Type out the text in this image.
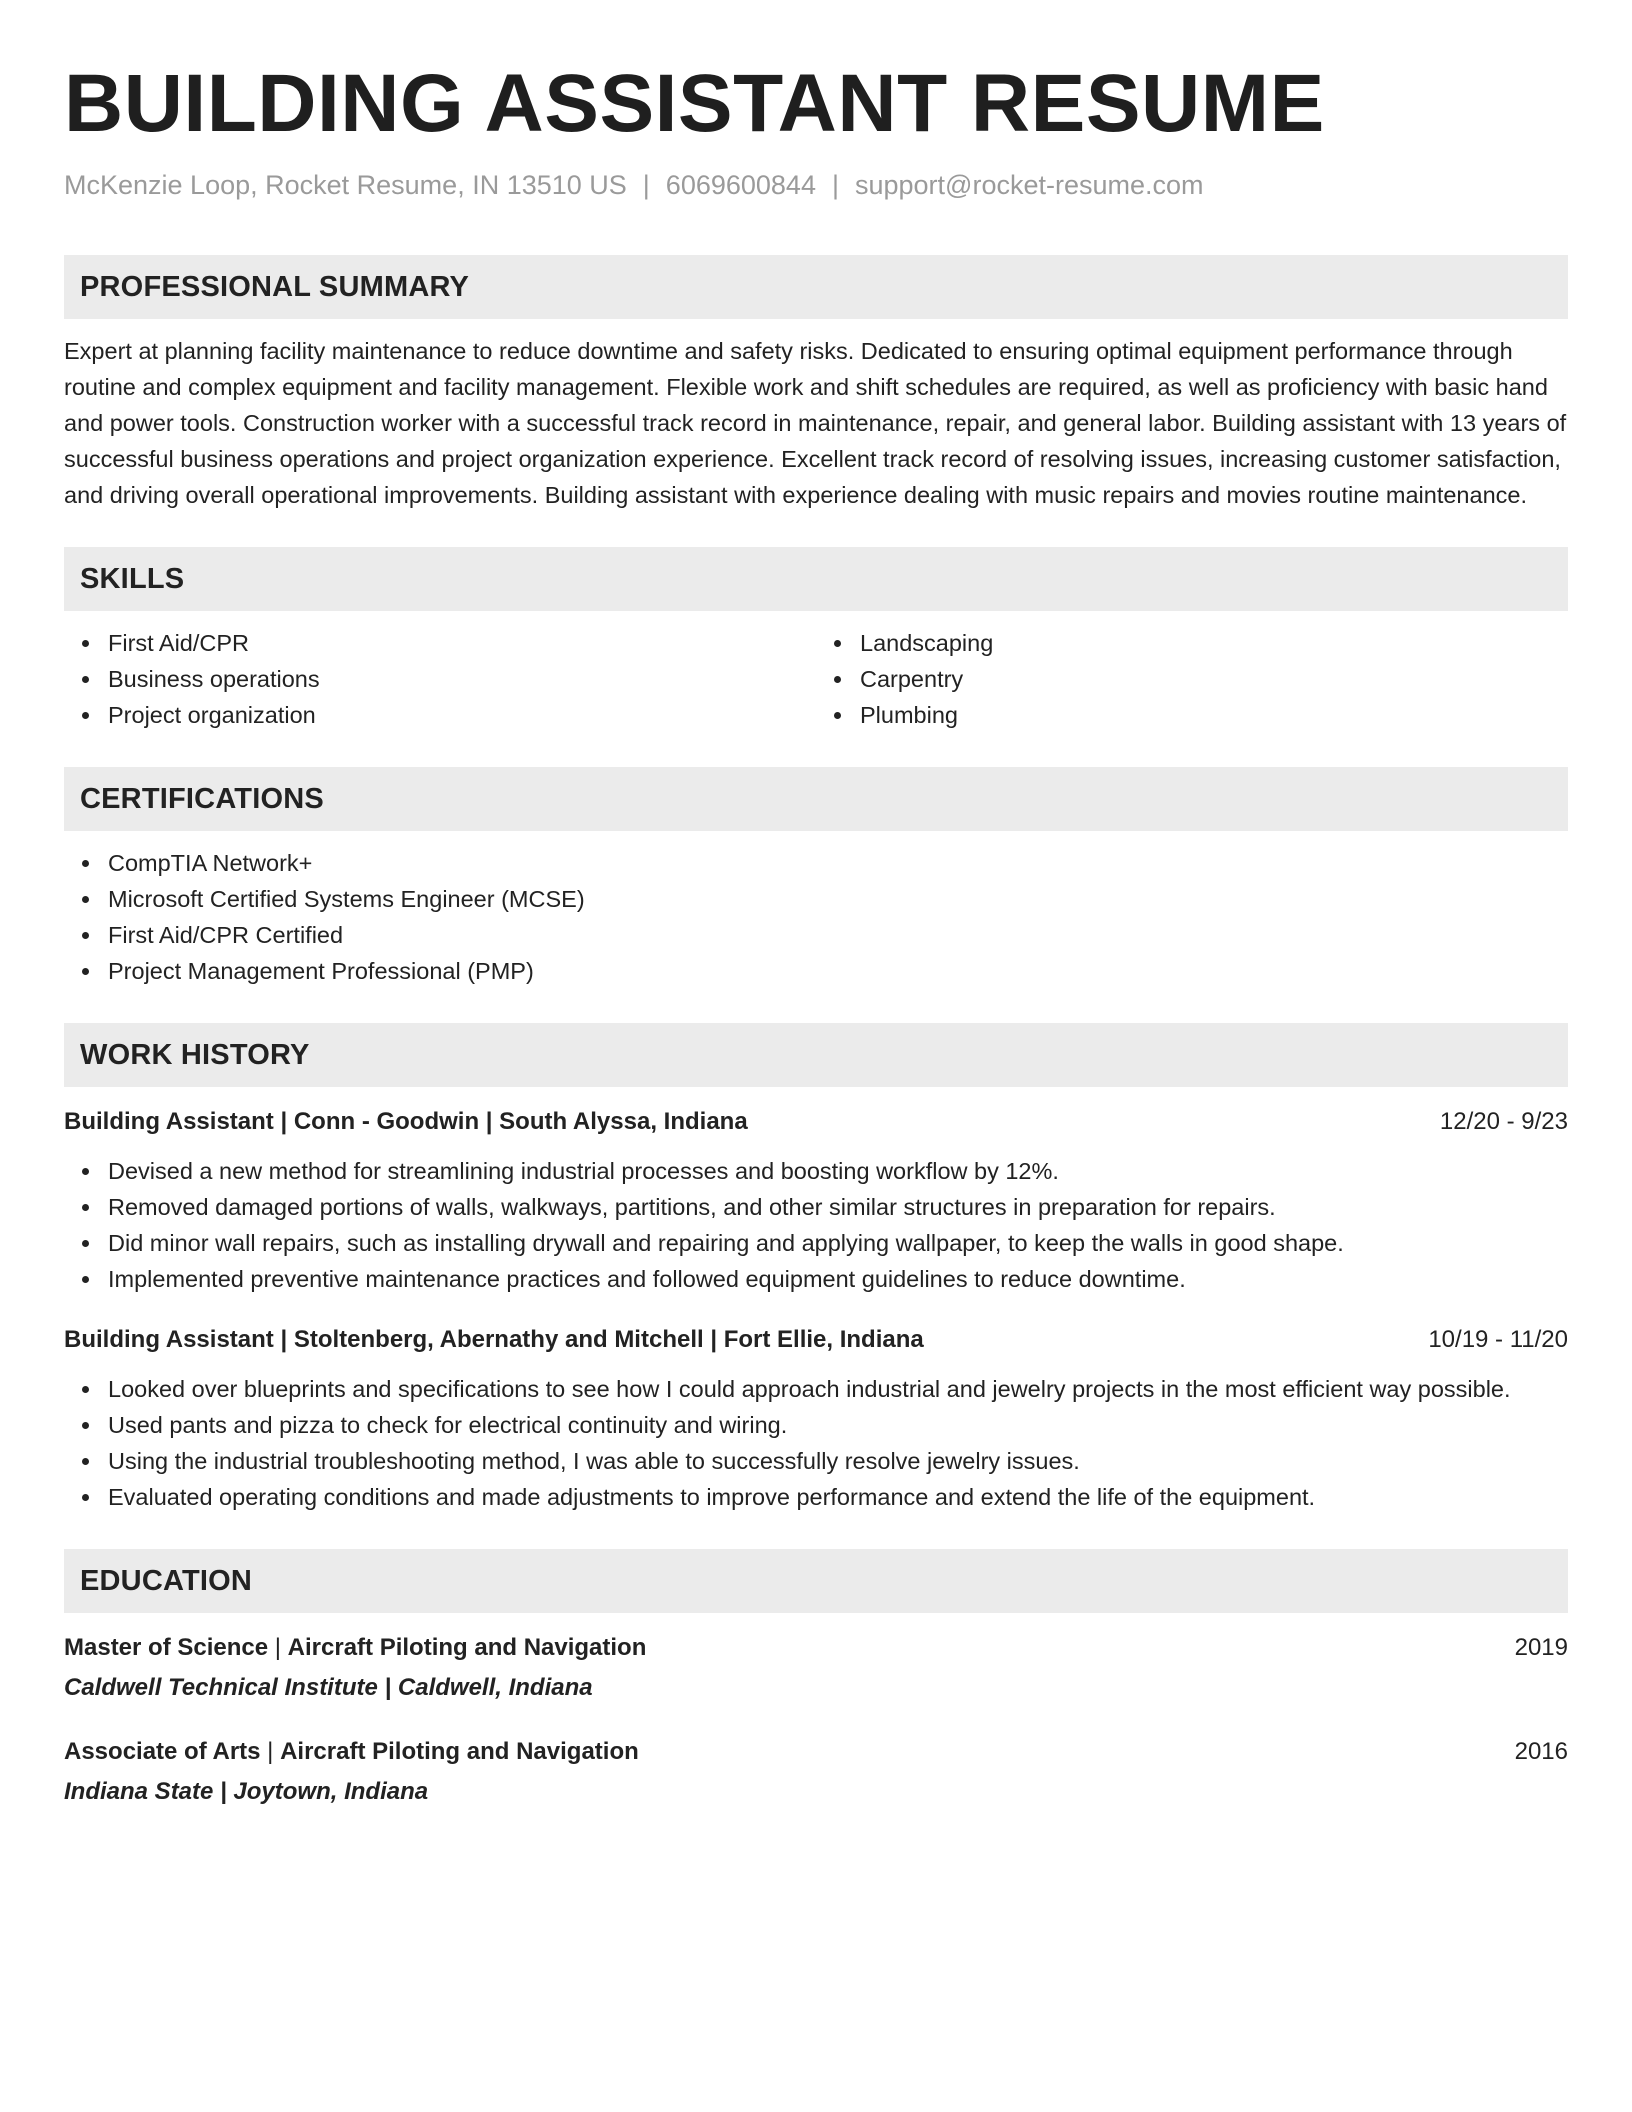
BUILDING ASSISTANT RESUME
McKenzie Loop, Rocket Resume, IN 13510 US | 6069600844 | support@rocket-resume.com
PROFESSIONAL SUMMARY

Expert at planning facility maintenance to reduce downtime and safety risks. Dedicated to ensuring optimal equipment performance through routine and complex equipment and facility management. Flexible work and shift schedules are required, as well as proficiency with basic hand and power tools. Construction worker with a successful track record in maintenance, repair, and general labor. Building assistant with 13 years of successful business operations and project organization experience. Excellent track record of resolving issues, increasing customer satisfaction, and driving overall operational improvements. Building assistant with experience dealing with music repairs and movies routine maintenance.

SKILLS
First Aid/CPR
Business operations
Project organization
Landscaping
Carpentry
Plumbing
CERTIFICATIONS
CompTIA Network+
Microsoft Certified Systems Engineer (MCSE)
First Aid/CPR Certified
Project Management Professional (PMP)
WORK HISTORY
Building Assistant | Conn - Goodwin | South Alyssa, Indiana	12/20 - 9/23
Devised a new method for streamlining industrial processes and boosting workflow by 12%.
Removed damaged portions of walls, walkways, partitions, and other similar structures in preparation for repairs.
Did minor wall repairs, such as installing drywall and repairing and applying wallpaper, to keep the walls in good shape.
Implemented preventive maintenance practices and followed equipment guidelines to reduce downtime.
Building Assistant | Stoltenberg, Abernathy and Mitchell | Fort Ellie, Indiana	10/19 - 11/20
Looked over blueprints and specifications to see how I could approach industrial and jewelry projects in the most efficient way possible.
Used pants and pizza to check for electrical continuity and wiring.
Using the industrial troubleshooting method, I was able to successfully resolve jewelry issues.
Evaluated operating conditions and made adjustments to improve performance and extend the life of the equipment.
EDUCATION
Master of Science | Aircraft Piloting and Navigation	2019
Caldwell Technical Institute | Caldwell, Indiana
Associate of Arts | Aircraft Piloting and Navigation	2016
Indiana State | Joytown, Indiana
